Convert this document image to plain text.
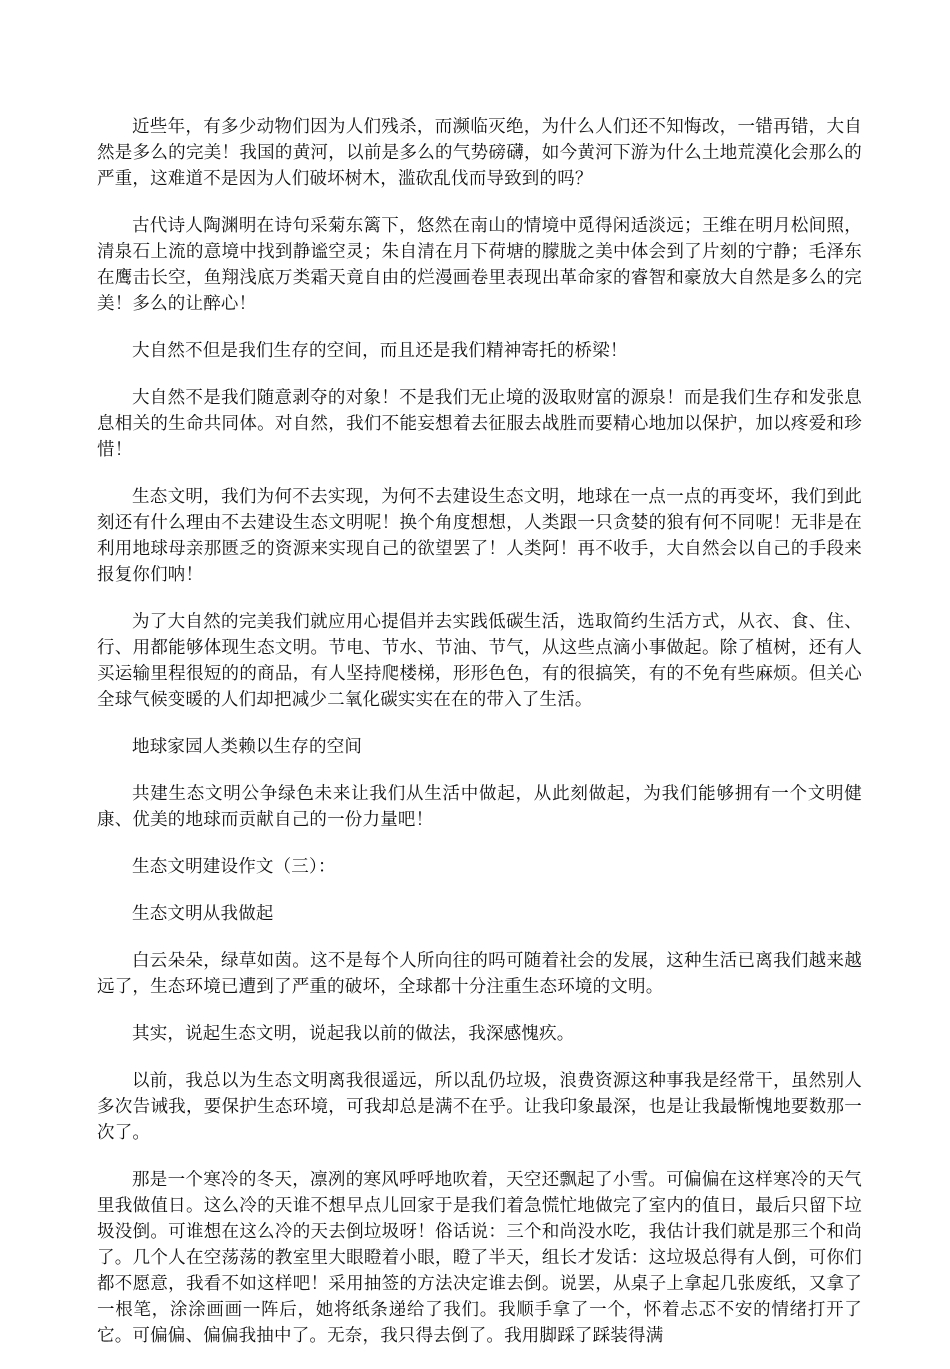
近些年，有多少动物们因为人们残杀，而濒临灭绝，为什么人们还不知悔改，一错再错，大自然是多么的完美！我国的黄河，以前是多么的气势磅礴，如今黄河下游为什么土地荒漠化会那么的严重，这难道不是因为人们破坏树木，滥砍乱伐而导致到的吗？

古代诗人陶渊明在诗句采菊东篱下，悠然在南山的情境中觅得闲适淡远；王维在明月松间照，清泉石上流的意境中找到静谧空灵；朱自清在月下荷塘的朦胧之美中体会到了片刻的宁静；毛泽东在鹰击长空，鱼翔浅底万类霜天竟自由的烂漫画卷里表现出革命家的睿智和豪放大自然是多么的完美！多么的让醉心！

大自然不但是我们生存的空间，而且还是我们精神寄托的桥梁！

大自然不是我们随意剥夺的对象！不是我们无止境的汲取财富的源泉！而是我们生存和发张息息相关的生命共同体。对自然，我们不能妄想着去征服去战胜而要精心地加以保护，加以疼爱和珍惜！

生态文明，我们为何不去实现，为何不去建设生态文明，地球在一点一点的再变坏，我们到此刻还有什么理由不去建设生态文明呢！换个角度想想，人类跟一只贪婪的狼有何不同呢！无非是在利用地球母亲那匮乏的资源来实现自己的欲望罢了！人类阿！再不收手，大自然会以自己的手段来报复你们呐！

为了大自然的完美我们就应用心提倡并去实践低碳生活，选取简约生活方式，从衣、食、住、行、用都能够体现生态文明。节电、节水、节油、节气，从这些点滴小事做起。除了植树，还有人买运输里程很短的的商品，有人坚持爬楼梯，形形色色，有的很搞笑，有的不免有些麻烦。但关心全球气候变暖的人们却把减少二氧化碳实实在在的带入了生活。

地球家园人类赖以生存的空间

共建生态文明公争绿色未来让我们从生活中做起，从此刻做起，为我们能够拥有一个文明健康、优美的地球而贡献自己的一份力量吧！

生态文明建设作文（三）：

生态文明从我做起

白云朵朵，绿草如茵。这不是每个人所向往的吗可随着社会的发展，这种生活已离我们越来越远了，生态环境已遭到了严重的破坏，全球都十分注重生态环境的文明。

其实，说起生态文明，说起我以前的做法，我深感愧疚。

以前，我总以为生态文明离我很遥远，所以乱仍垃圾，浪费资源这种事我是经常干，虽然别人多次告诫我，要保护生态环境，可我却总是满不在乎。让我印象最深，也是让我最惭愧地要数那一次了。

那是一个寒冷的冬天，凛冽的寒风呼呼地吹着，天空还飘起了小雪。可偏偏在这样寒冷的天气里我做值日。这么冷的天谁不想早点儿回家于是我们着急慌忙地做完了室内的值日，最后只留下垃圾没倒。可谁想在这么冷的天去倒垃圾呀！俗话说：三个和尚没水吃，我估计我们就是那三个和尚了。几个人在空荡荡的教室里大眼瞪着小眼，瞪了半天，组长才发话：这垃圾总得有人倒，可你们都不愿意，我看不如这样吧！采用抽签的方法决定谁去倒。说罢，从桌子上拿起几张废纸，又拿了一根笔，涂涂画画一阵后，她将纸条递给了我们。我顺手拿了一个，怀着忐忑不安的情绪打开了它。可偏偏、偏偏我抽中了。无奈，我只得去倒了。我用脚踩了踩装得满
